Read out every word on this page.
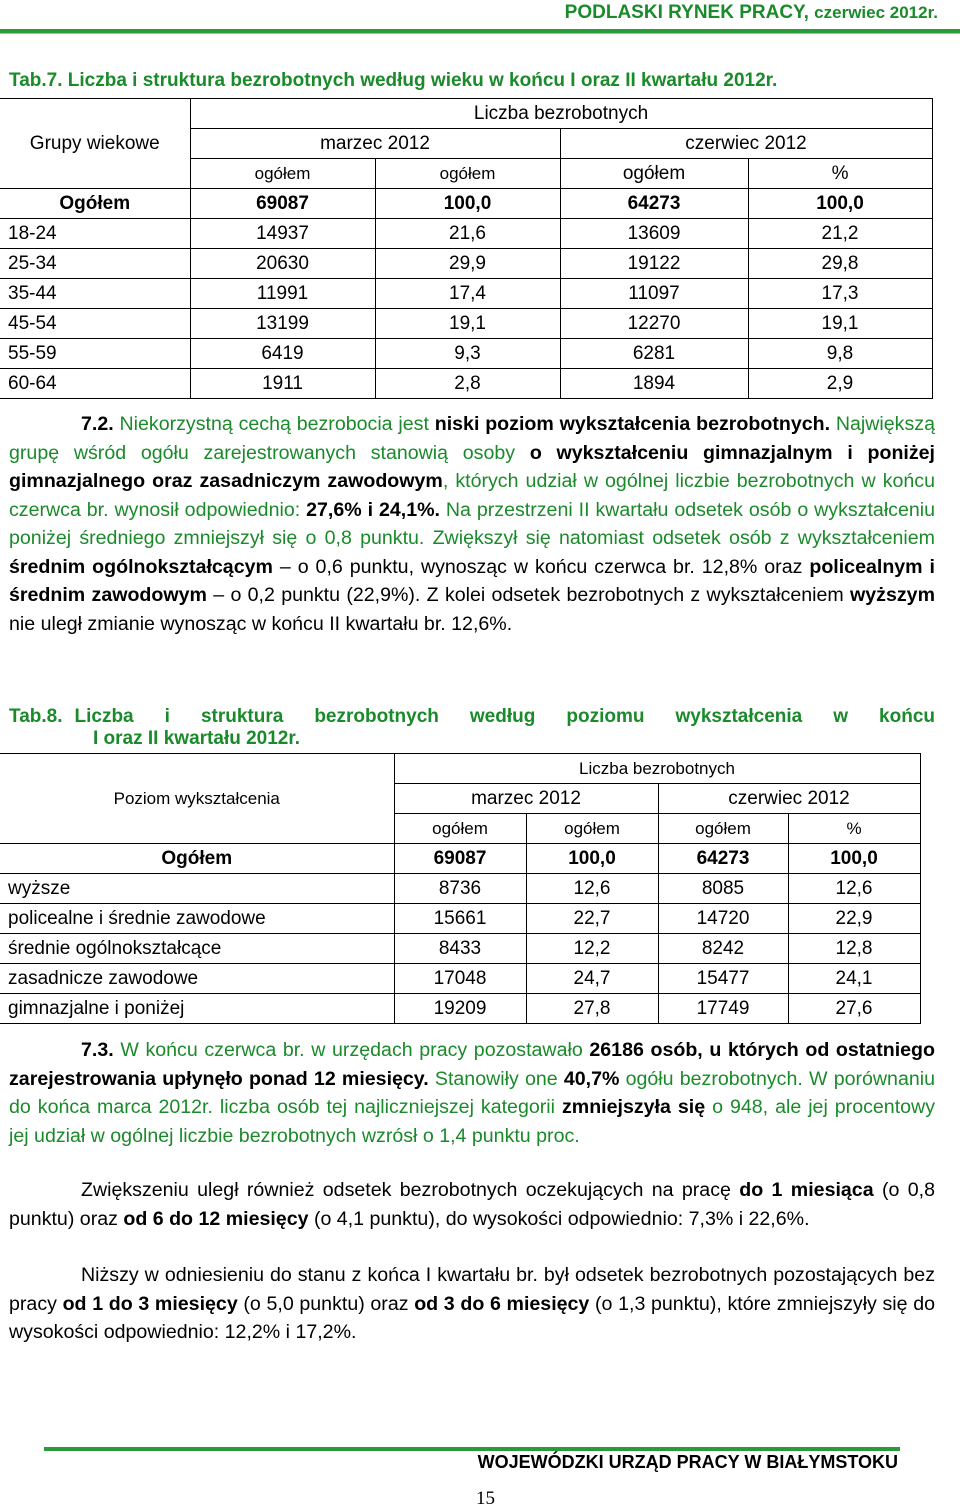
PODLASKI RYNEK PRACY, czerwiec 2012r.
Tab.7. Liczba i struktura bezrobotnych według wieku w końcu I oraz II kwartału 2012r.
	Liczba bezrobotnych			
Grupy wiekowe	marzec 2012		czerwiec 2012	
	ogółem	ogółem	ogółem	%
Ogółem	69087	100,0	64273	100,0
18-24	14937	21,6	13609	21,2
25-34	20630	29,9	19122	29,8
35-44	11991	17,4	11097	17,3
45-54	13199	19,1	12270	19,1
55-59	6419	9,3	6281	9,8
60-64	1911	2,8	1894	2,9
7.2. Niekorzystną cechą bezrobocia jest niski poziom wykształcenia bezrobotnych. Największą grupę wśród ogółu zarejestrowanych stanowią osoby o wykształceniu gimnazjalnym i poniżej gimnazjalnego oraz zasadniczym zawodowym, których udział w ogólnej liczbie bezrobotnych w końcu czerwca br. wynosił odpowiednio: 27,6% i 24,1%. Na przestrzeni II kwartału odsetek osób o wykształceniu poniżej średniego zmniejszył się o 0,8 punktu. Zwiększył się natomiast odsetek osób z wykształceniem średnim ogólnokształcącym – o 0,6 punktu, wynosząc w końcu czerwca br. 12,8% oraz policealnym i średnim zawodowym – o 0,2 punktu (22,9%). Z kolei odsetek bezrobotnych z wykształceniem wyższym nie uległ zmianie wynosząc w końcu II kwartału br. 12,6%.
Tab.8. Liczba i struktura bezrobotnych według poziomu wykształcenia w końcu
I oraz II kwartału 2012r.
	Liczba bezrobotnych			
Poziom wykształcenia	marzec 2012		czerwiec 2012	
	ogółem	ogółem	ogółem	%
Ogółem	69087	100,0	64273	100,0
wyższe	8736	12,6	8085	12,6
policealne i średnie zawodowe	15661	22,7	14720	22,9
średnie ogólnokształcące	8433	12,2	8242	12,8
zasadnicze zawodowe	17048	24,7	15477	24,1
gimnazjalne i poniżej	19209	27,8	17749	27,6
7.3. W końcu czerwca br. w urzędach pracy pozostawało 26186 osób, u których od ostatniego zarejestrowania upłynęło ponad 12 miesięcy. Stanowiły one 40,7% ogółu bezrobotnych. W porównaniu do końca marca 2012r. liczba osób tej najliczniejszej kategorii zmniejszyła się o 948, ale jej procentowy jej udział w ogólnej liczbie bezrobotnych wzrósł o 1,4 punktu proc.
Zwiększeniu uległ również odsetek bezrobotnych oczekujących na pracę do 1 miesiąca (o 0,8 punktu) oraz od 6 do 12 miesięcy (o 4,1 punktu), do wysokości odpowiednio: 7,3% i 22,6%.
Niższy w odniesieniu do stanu z końca I kwartału br. był odsetek bezrobotnych pozostających bez pracy od 1 do 3 miesięcy (o 5,0 punktu) oraz od 3 do 6 miesięcy (o 1,3 punktu), które zmniejszyły się do wysokości odpowiednio: 12,2% i 17,2%.
WOJEWÓDZKI URZĄD PRACY W BIAŁYMSTOKU
15
